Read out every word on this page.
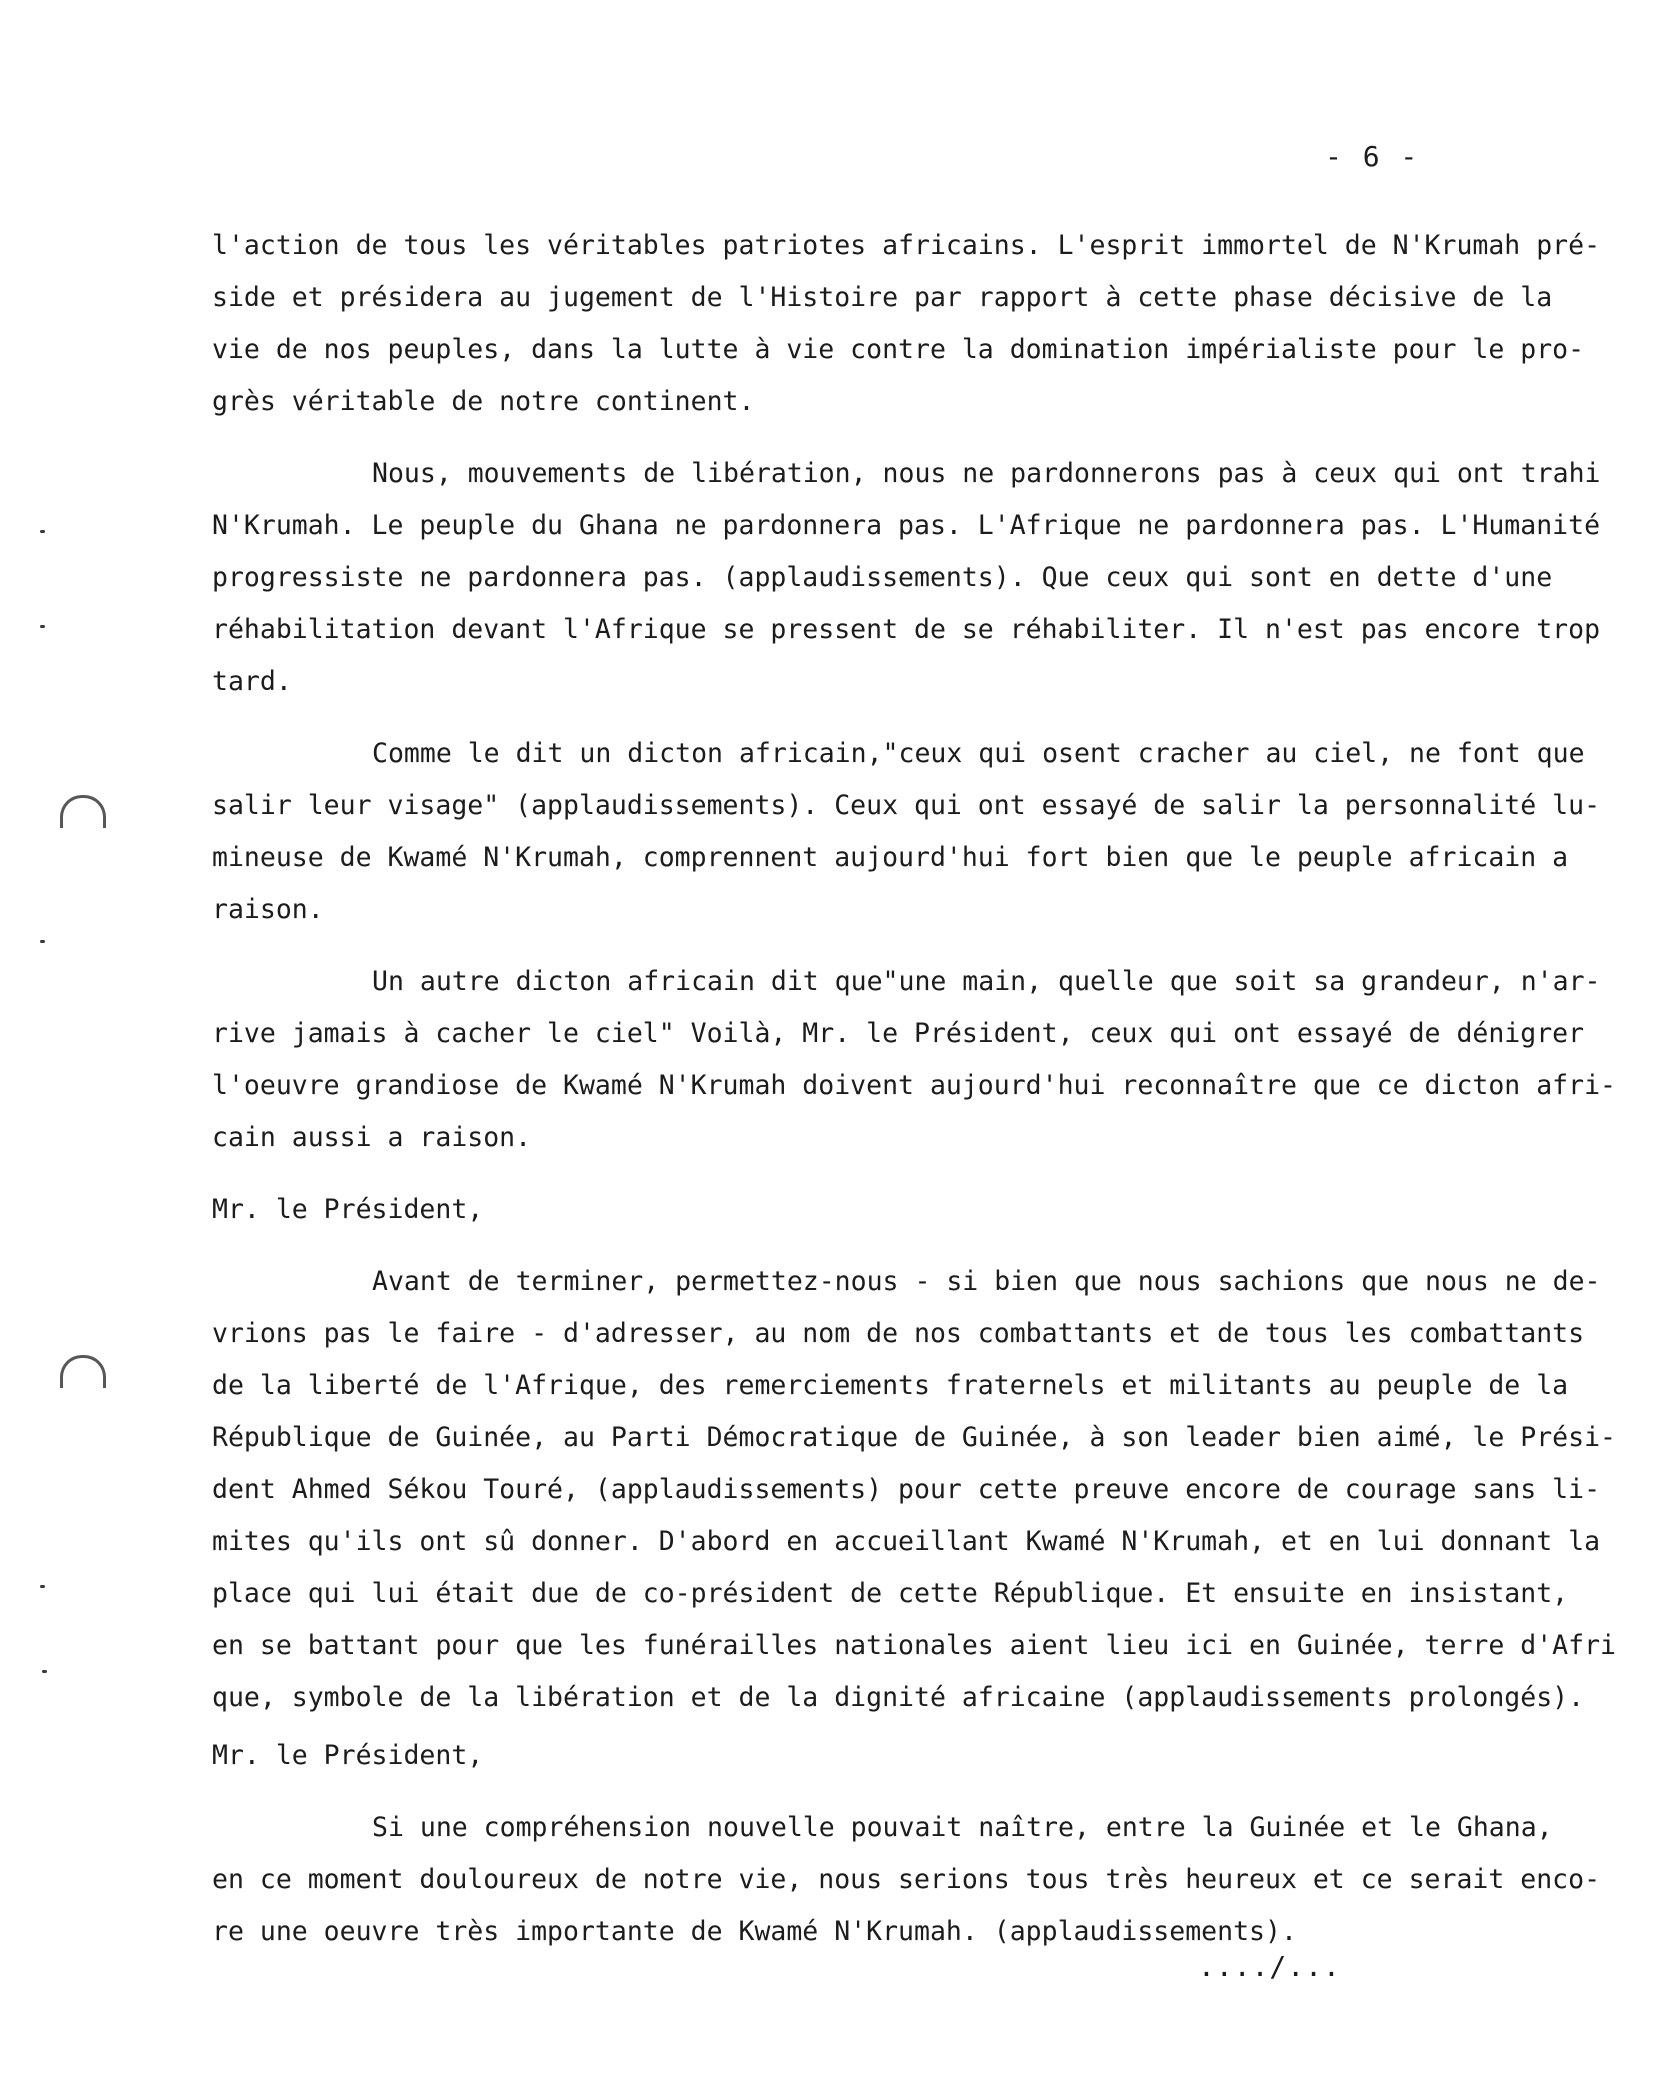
- 6 -
l'action de tous les véritables patriotes africains. L'esprit immortel de N'Krumah pré-
side et présidera au jugement de l'Histoire par rapport à cette phase décisive de la
vie de nos peuples, dans la lutte à vie contre la domination impérialiste pour le pro-
grès véritable de notre continent.
Nous, mouvements de libération, nous ne pardonnerons pas à ceux qui ont trahi
N'Krumah. Le peuple du Ghana ne pardonnera pas. L'Afrique ne pardonnera pas. L'Humanité
progressiste ne pardonnera pas. (applaudissements). Que ceux qui sont en dette d'une
réhabilitation devant l'Afrique se pressent de se réhabiliter. Il n'est pas encore trop
tard.
Comme le dit un dicton africain,"ceux qui osent cracher au ciel, ne font que
salir leur visage" (applaudissements). Ceux qui ont essayé de salir la personnalité lu-
mineuse de Kwamé N'Krumah, comprennent aujourd'hui fort bien que le peuple africain a
raison.
Un autre dicton africain dit que"une main, quelle que soit sa grandeur, n'ar-
rive jamais à cacher le ciel" Voilà, Mr. le Président, ceux qui ont essayé de dénigrer
l'oeuvre grandiose de Kwamé N'Krumah doivent aujourd'hui reconnaître que ce dicton afri-
cain aussi a raison.
Mr. le Président,
Avant de terminer, permettez-nous - si bien que nous sachions que nous ne de-
vrions pas le faire - d'adresser, au nom de nos combattants et de tous les combattants
de la liberté de l'Afrique, des remerciements fraternels et militants au peuple de la
République de Guinée, au Parti Démocratique de Guinée, à son leader bien aimé, le Prési-
dent Ahmed Sékou Touré, (applaudissements) pour cette preuve encore de courage sans li-
mites qu'ils ont sû donner. D'abord en accueillant Kwamé N'Krumah, et en lui donnant la
place qui lui était due de co-président de cette République. Et ensuite en insistant,
en se battant pour que les funérailles nationales aient lieu ici en Guinée, terre d'Afri
que, symbole de la libération et de la dignité africaine (applaudissements prolongés).
Mr. le Président,
Si une compréhension nouvelle pouvait naître, entre la Guinée et le Ghana,
en ce moment douloureux de notre vie, nous serions tous très heureux et ce serait enco-
re une oeuvre très importante de Kwamé N'Krumah. (applaudissements).
..../...
